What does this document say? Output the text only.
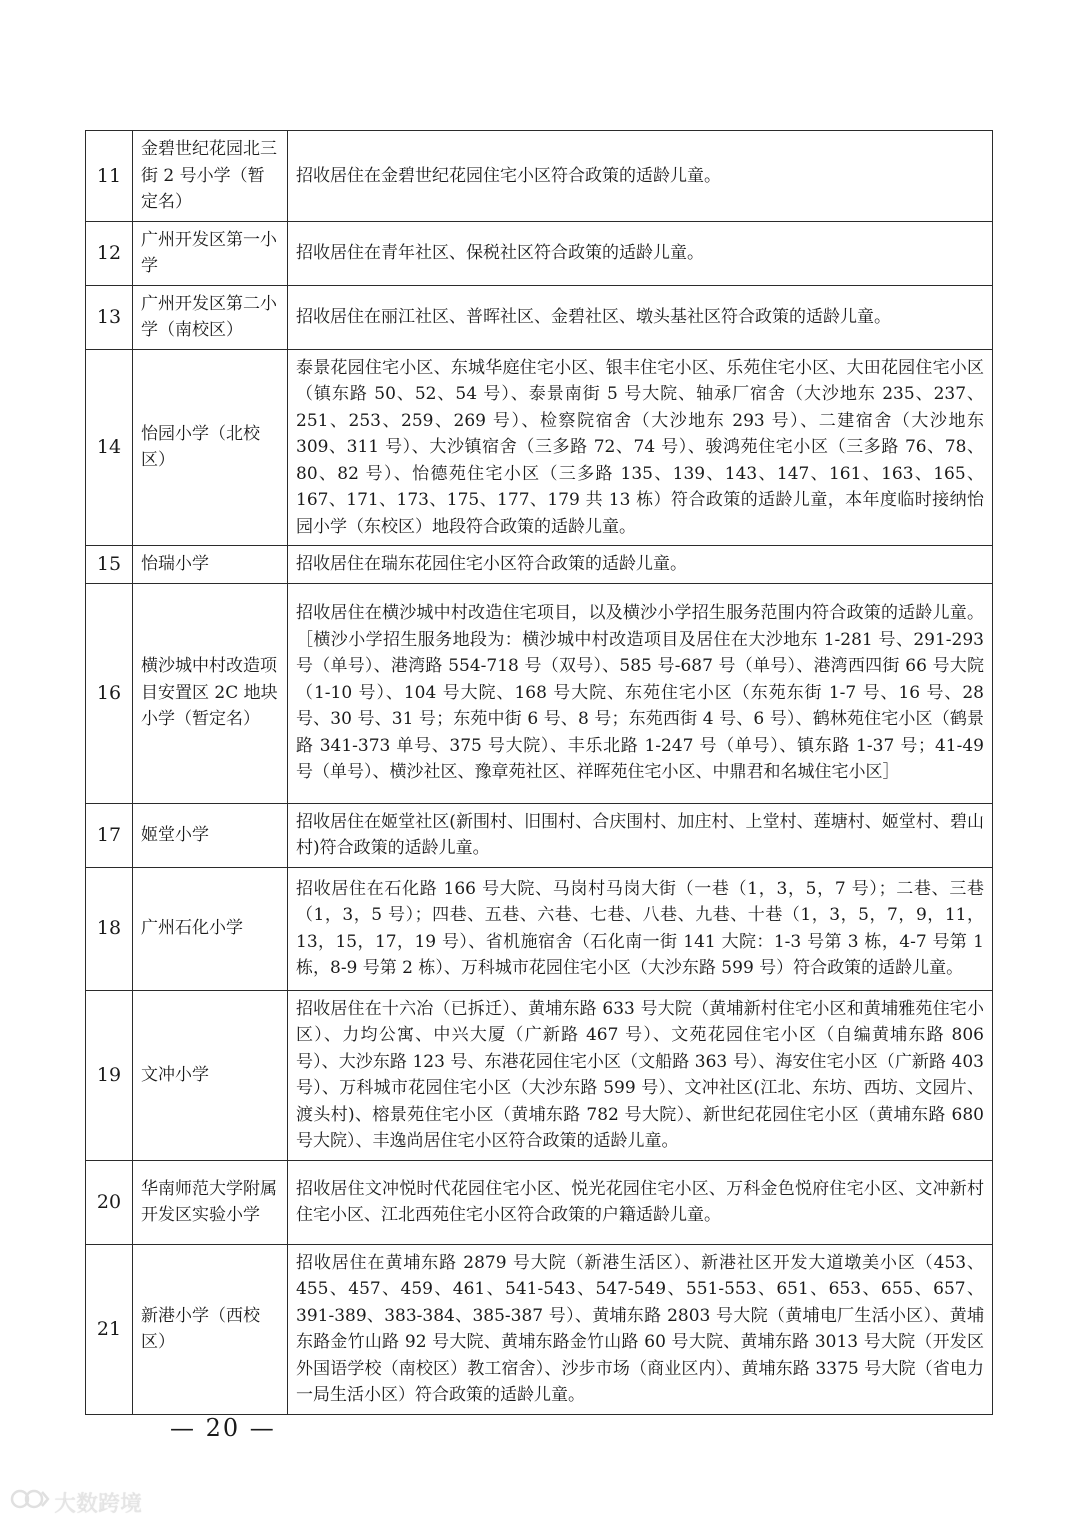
11	金碧世纪花园北三街 2 号小学（暂定名）	招收居住在金碧世纪花园住宅小区符合政策的适龄儿童。
12	广州开发区第一小学	招收居住在青年社区、保税社区符合政策的适龄儿童。
13	广州开发区第二小学（南校区）	招收居住在丽江社区、普晖社区、金碧社区、墩头基社区符合政策的适龄儿童。
14	怡园小学（北校区）	泰景花园住宅小区、东城华庭住宅小区、银丰住宅小区、乐苑住宅小区、大田花园住宅小区（镇东路 50、52、54 号）、泰景南街 5 号大院、轴承厂宿舍（大沙地东 235、237、251、253、259、269 号）、检察院宿舍（大沙地东 293 号）、二建宿舍（大沙地东 309、311 号）、大沙镇宿舍（三多路 72、74 号）、骏鸿苑住宅小区（三多路 76、78、80、82 号）、怡德苑住宅小区（三多路 135、139、143、147、161、163、165、167、171、173、175、177、179 共 13 栋）符合政策的适龄儿童，本年度临时接纳怡园小学（东校区）地段符合政策的适龄儿童。
15	怡瑞小学	招收居住在瑞东花园住宅小区符合政策的适龄儿童。
16	横沙城中村改造项目安置区 2C 地块小学（暂定名）	招收居住在横沙城中村改造住宅项目，以及横沙小学招生服务范围内符合政策的适龄儿童。［横沙小学招生服务地段为：横沙城中村改造项目及居住在大沙地东 1-281 号、291-293 号（单号）、港湾路 554-718 号（双号）、585 号-687 号（单号）、港湾西四街 66 号大院（1-10 号）、104 号大院、168 号大院、东苑住宅小区（东苑东街 1-7 号、16 号、28 号、30 号、31 号；东苑中街 6 号、8 号；东苑西街 4 号、6 号）、鹤林苑住宅小区（鹤景路 341-373 单号、375 号大院）、丰乐北路 1-247 号（单号）、镇东路 1-37 号；41-49 号（单号）、横沙社区、豫章苑社区、祥晖苑住宅小区、中鼎君和名城住宅小区］
17	姬堂小学	招收居住在姬堂社区(新围村、旧围村、合庆围村、加庄村、上堂村、莲塘村、姬堂村、碧山村)符合政策的适龄儿童。
18	广州石化小学	招收居住在石化路 166 号大院、马岗村马岗大街（一巷（1，3，5，7 号）；二巷、三巷（1，3，5 号）；四巷、五巷、六巷、七巷、八巷、九巷、十巷（1，3，5，7，9，11，13，15，17，19 号）、省机施宿舍（石化南一街 141 大院：1-3 号第 3 栋，4-7 号第 1 栋，8-9 号第 2 栋）、万科城市花园住宅小区（大沙东路 599 号）符合政策的适龄儿童。
19	文冲小学	招收居住在十六冶（已拆迁）、黄埔东路 633 号大院（黄埔新村住宅小区和黄埔雅苑住宅小区）、力均公寓、中兴大厦（广新路 467 号）、文苑花园住宅小区（自编黄埔东路 806 号）、大沙东路 123 号、东港花园住宅小区（文船路 363 号）、海安住宅小区（广新路 403 号）、万科城市花园住宅小区（大沙东路 599 号）、文冲社区(江北、东坊、西坊、文园片、渡头村)、榕景苑住宅小区（黄埔东路 782 号大院）、新世纪花园住宅小区（黄埔东路 680 号大院）、丰逸尚居住宅小区符合政策的适龄儿童。
20	华南师范大学附属开发区实验小学	招收居住文冲悦时代花园住宅小区、悦光花园住宅小区、万科金色悦府住宅小区、文冲新村住宅小区、江北西苑住宅小区符合政策的户籍适龄儿童。
21	新港小学（西校区）	招收居住在黄埔东路 2879 号大院（新港生活区）、新港社区开发大道墩美小区（453、455、457、459、461、541-543、547-549、551-553、651、653、655、657、391-389、383-384、385-387 号）、黄埔东路 2803 号大院（黄埔电厂生活小区）、黄埔东路金竹山路 92 号大院、黄埔东路金竹山路 60 号大院、黄埔东路 3013 号大院（开发区外国语学校（南校区）教工宿舍）、沙步市场（商业区内）、黄埔东路 3375 号大院（省电力一局生活小区）符合政策的适龄儿童。
— 20 —
大数跨境
